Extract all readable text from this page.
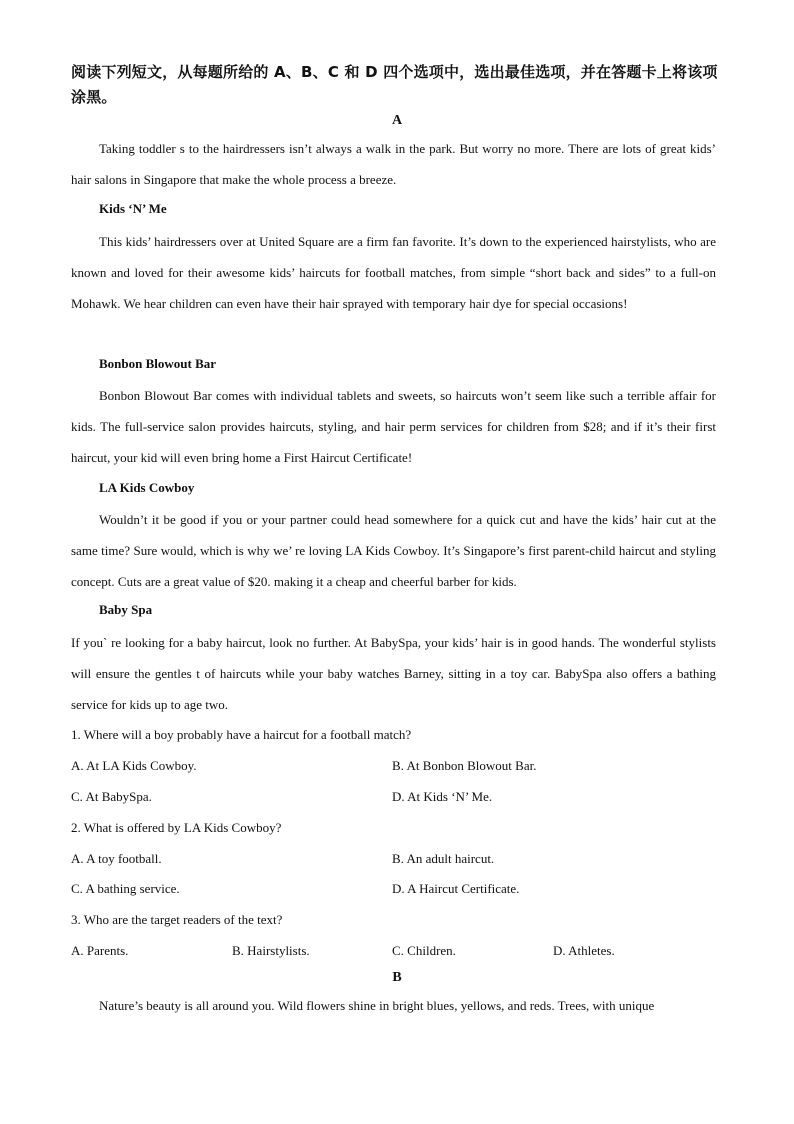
阅读下列短文，从每题所给的 A、B、C 和 D 四个选项中，选出最佳选项，并在答题卡上将该项涂黑。
A
Taking toddler s to the hairdressers isn’t always a walk in the park. But worry no more. There are lots of great kids’ hair salons in Singapore that make the whole process a breeze.
Kids ‘N’ Me
This kids’ hairdressers over at United Square are a firm fan favorite. It’s down to the experienced hairstylists, who are known and loved for their awesome kids’ haircuts for football matches, from simple “short back and sides” to a full-on Mohawk. We hear children can even have their hair sprayed with temporary hair dye for special occasions!
Bonbon Blowout Bar
Bonbon Blowout Bar comes with individual tablets and sweets, so haircuts won’t seem like such a terrible affair for kids. The full-service salon provides haircuts, styling, and hair perm services for children from $28; and if it’s their first haircut, your kid will even bring home a First Haircut Certificate!
LA Kids Cowboy
Wouldn’t it be good if you or your partner could head somewhere for a quick cut and have the kids’ hair cut at the same time? Sure would, which is why we’ re loving LA Kids Cowboy. It’s Singapore’s first parent-child haircut and styling concept. Cuts are a great value of $20. making it a cheap and cheerful barber for kids.
Baby Spa
If you` re looking for a baby haircut, look no further. At BabySpa, your kids’ hair is in good hands. The wonderful stylists will ensure the gentles t of haircuts while your baby watches Barney, sitting in a toy car. BabySpa also offers a bathing service for kids up to age two.
1. Where will a boy probably have a haircut for a football match?
A. At LA Kids Cowboy.	B. At Bonbon Blowout Bar.
C. At BabySpa.	D. At Kids ‘N’ Me.
2. What is offered by LA Kids Cowboy?
A. A toy football.	B. An adult haircut.
C. A bathing service.	D. A Haircut Certificate.
3. Who are the target readers of the text?
A. Parents.	B. Hairstylists.	C. Children.	D. Athletes.
B
Nature’s beauty is all around you. Wild flowers shine in bright blues, yellows, and reds. Trees, with unique
